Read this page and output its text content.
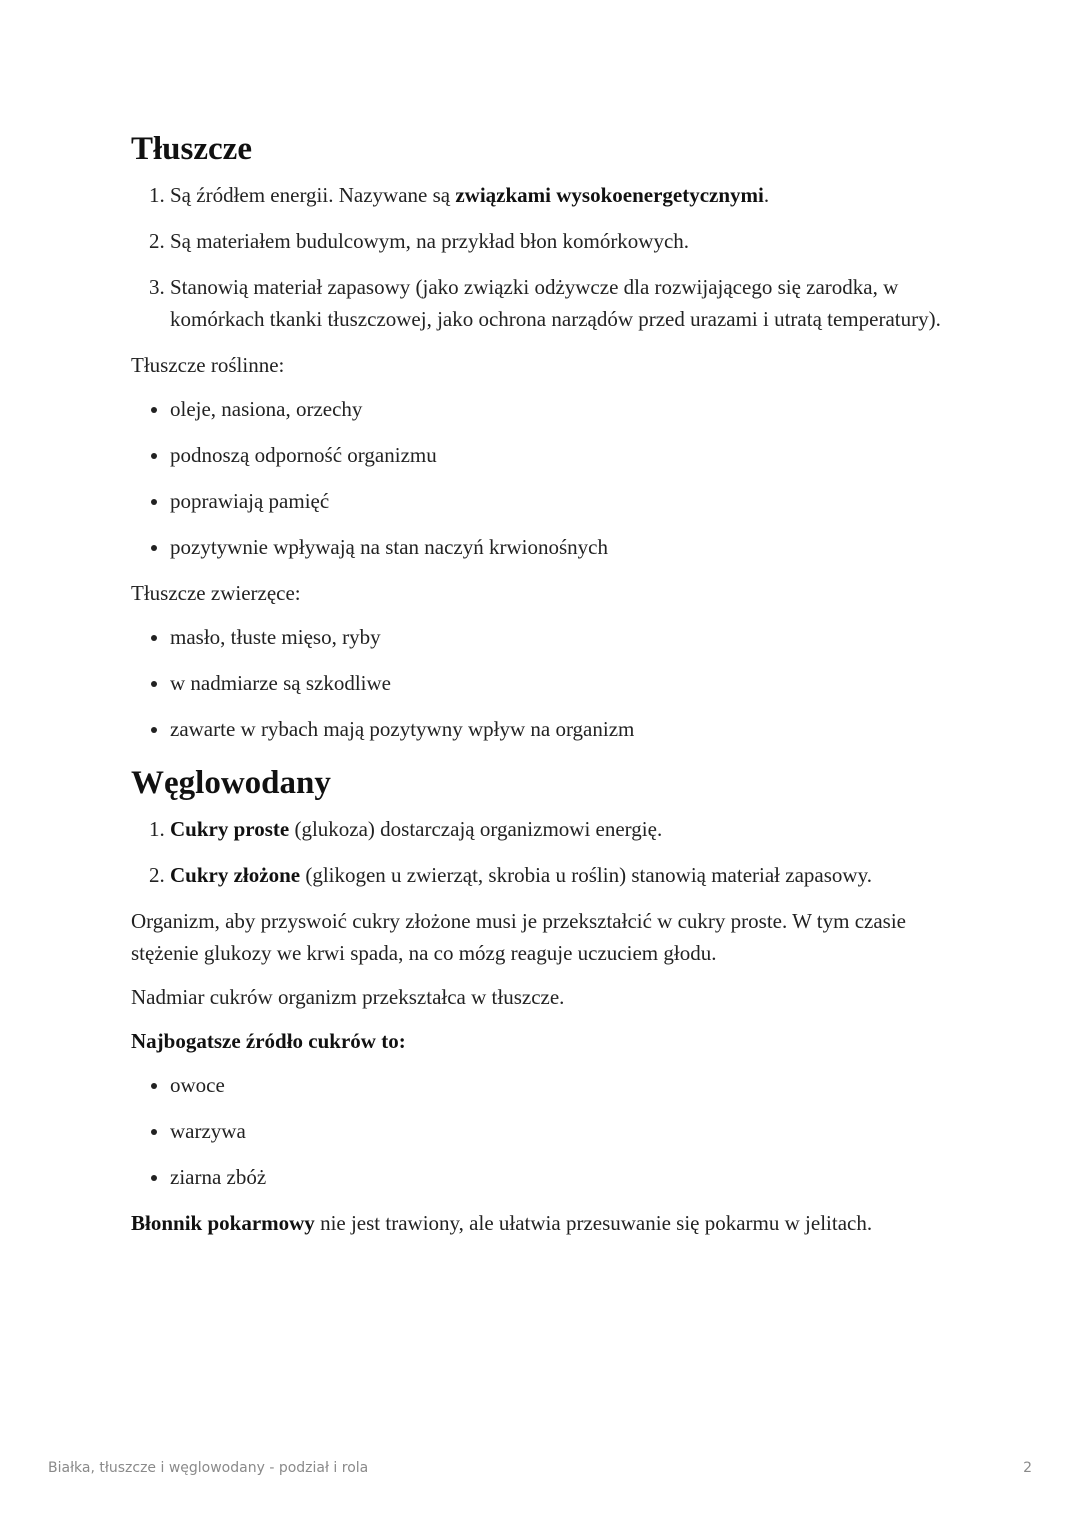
Tłuszcze
1. Są źródłem energii. Nazywane są związkami wysokoenergetycznymi.
2. Są materiałem budulcowym, na przykład błon komórkowych.
3. Stanowią materiał zapasowy (jako związki odżywcze dla rozwijającego się zarodka, w komórkach tkanki tłuszczowej, jako ochrona narządów przed urazami i utratą temperatury).

Tłuszcze roślinne:

• oleje, nasiona, orzechy
• podnoszą odporność organizmu
• poprawiają pamięć
• pozytywnie wpływają na stan naczyń krwionośnych

Tłuszcze zwierzęce:

• masło, tłuste mięso, ryby
• w nadmiarze są szkodliwe
• zawarte w rybach mają pozytywny wpływ na organizm
Węglowodany
1. Cukry proste (glukoza) dostarczają organizmowi energię.
2. Cukry złożone (glikogen u zwierząt, skrobia u roślin) stanowią materiał zapasowy.

Organizm, aby przyswoić cukry złożone musi je przekształcić w cukry proste. W tym czasie stężenie glukozy we krwi spada, na co mózg reaguje uczuciem głodu.

Nadmiar cukrów organizm przekształca w tłuszcze.

Najbogatsze źródło cukrów to:

• owoce
• warzywa
• ziarna zbóż

Błonnik pokarmowy nie jest trawiony, ale ułatwia przesuwanie się pokarmu w jelitach.

Białka, tłuszcze i węglowodany - podział i rola	2
